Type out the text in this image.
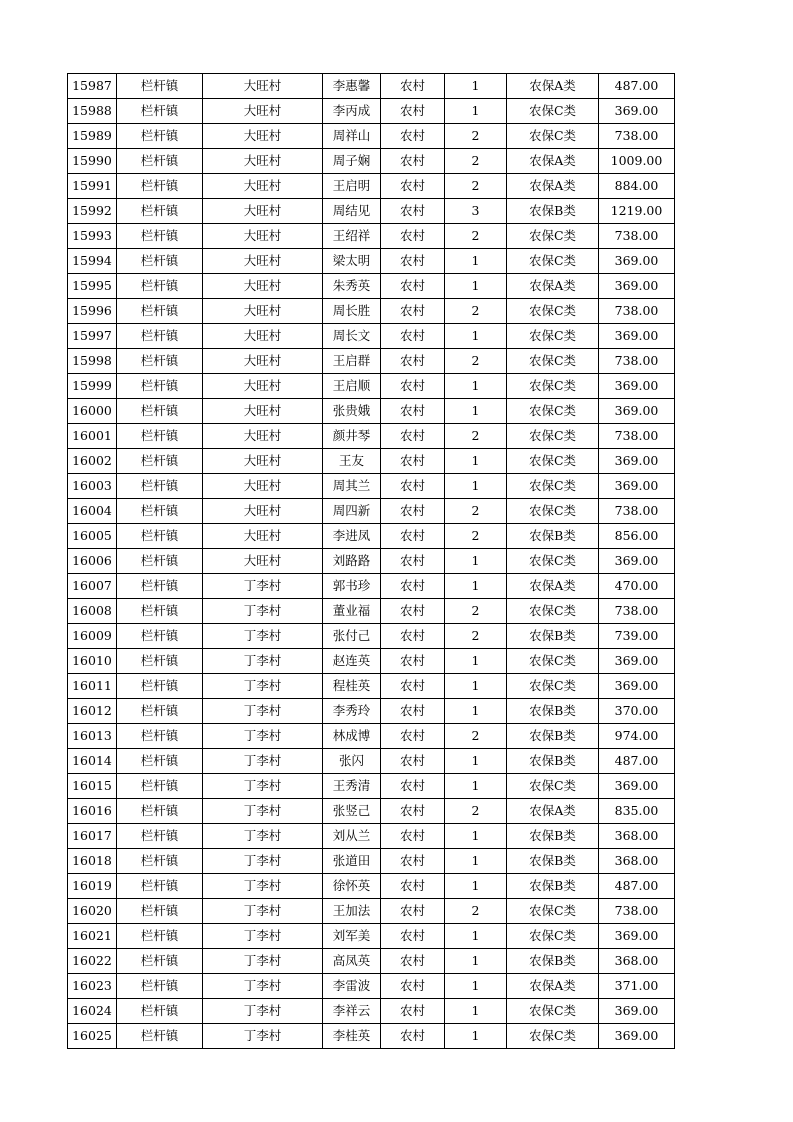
15987	栏杆镇	大旺村	李惠馨	农村	1	农保A类	487.00
15988	栏杆镇	大旺村	李丙成	农村	1	农保C类	369.00
15989	栏杆镇	大旺村	周祥山	农村	2	农保C类	738.00
15990	栏杆镇	大旺村	周子娴	农村	2	农保A类	1009.00
15991	栏杆镇	大旺村	王启明	农村	2	农保A类	884.00
15992	栏杆镇	大旺村	周结见	农村	3	农保B类	1219.00
15993	栏杆镇	大旺村	王绍祥	农村	2	农保C类	738.00
15994	栏杆镇	大旺村	梁太明	农村	1	农保C类	369.00
15995	栏杆镇	大旺村	朱秀英	农村	1	农保A类	369.00
15996	栏杆镇	大旺村	周长胜	农村	2	农保C类	738.00
15997	栏杆镇	大旺村	周长文	农村	1	农保C类	369.00
15998	栏杆镇	大旺村	王启群	农村	2	农保C类	738.00
15999	栏杆镇	大旺村	王启顺	农村	1	农保C类	369.00
16000	栏杆镇	大旺村	张贵娥	农村	1	农保C类	369.00
16001	栏杆镇	大旺村	颜井琴	农村	2	农保C类	738.00
16002	栏杆镇	大旺村	王友	农村	1	农保C类	369.00
16003	栏杆镇	大旺村	周其兰	农村	1	农保C类	369.00
16004	栏杆镇	大旺村	周四新	农村	2	农保C类	738.00
16005	栏杆镇	大旺村	李进凤	农村	2	农保B类	856.00
16006	栏杆镇	大旺村	刘路路	农村	1	农保C类	369.00
16007	栏杆镇	丁李村	郭书珍	农村	1	农保A类	470.00
16008	栏杆镇	丁李村	董业福	农村	2	农保C类	738.00
16009	栏杆镇	丁李村	张付己	农村	2	农保B类	739.00
16010	栏杆镇	丁李村	赵连英	农村	1	农保C类	369.00
16011	栏杆镇	丁李村	程桂英	农村	1	农保C类	369.00
16012	栏杆镇	丁李村	李秀玲	农村	1	农保B类	370.00
16013	栏杆镇	丁李村	林成博	农村	2	农保B类	974.00
16014	栏杆镇	丁李村	张闪	农村	1	农保B类	487.00
16015	栏杆镇	丁李村	王秀清	农村	1	农保C类	369.00
16016	栏杆镇	丁李村	张竖己	农村	2	农保A类	835.00
16017	栏杆镇	丁李村	刘从兰	农村	1	农保B类	368.00
16018	栏杆镇	丁李村	张道田	农村	1	农保B类	368.00
16019	栏杆镇	丁李村	徐怀英	农村	1	农保B类	487.00
16020	栏杆镇	丁李村	王加法	农村	2	农保C类	738.00
16021	栏杆镇	丁李村	刘军美	农村	1	农保C类	369.00
16022	栏杆镇	丁李村	高凤英	农村	1	农保B类	368.00
16023	栏杆镇	丁李村	李雷波	农村	1	农保A类	371.00
16024	栏杆镇	丁李村	李祥云	农村	1	农保C类	369.00
16025	栏杆镇	丁李村	李桂英	农村	1	农保C类	369.00
